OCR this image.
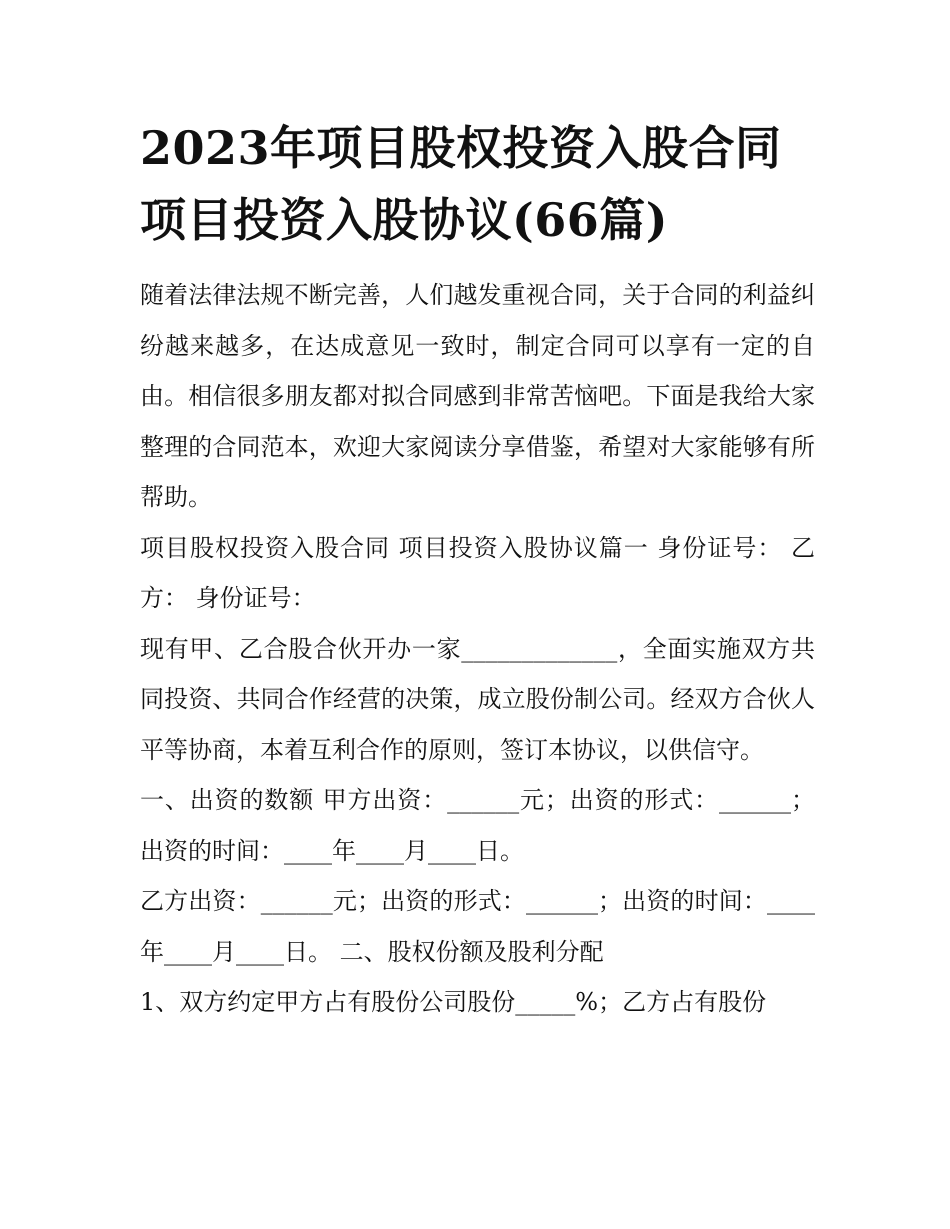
2023年项目股权投资入股合同 项目投资入股协议(66篇)

随着法律法规不断完善，人们越发重视合同，关于合同的利益纠纷越来越多，在达成意见一致时，制定合同可以享有一定的自由。相信很多朋友都对拟合同感到非常苦恼吧。下面是我给大家整理的合同范本，欢迎大家阅读分享借鉴，希望对大家能够有所帮助。

项目股权投资入股合同 项目投资入股协议篇一 身份证号： 乙方： 身份证号：

现有甲、乙合股合伙开办一家_____________，全面实施双方共同投资、共同合作经营的决策，成立股份制公司。经双方合伙人平等协商，本着互利合作的原则，签订本协议，以供信守。

一、出资的数额 甲方出资：______元；出资的形式：______；出资的时间：____年____月____日。

乙方出资：______元；出资的形式：______；出资的时间：____年____月____日。 二、股权份额及股利分配

1、双方约定甲方占有股份公司股份_____%；乙方占有股份
